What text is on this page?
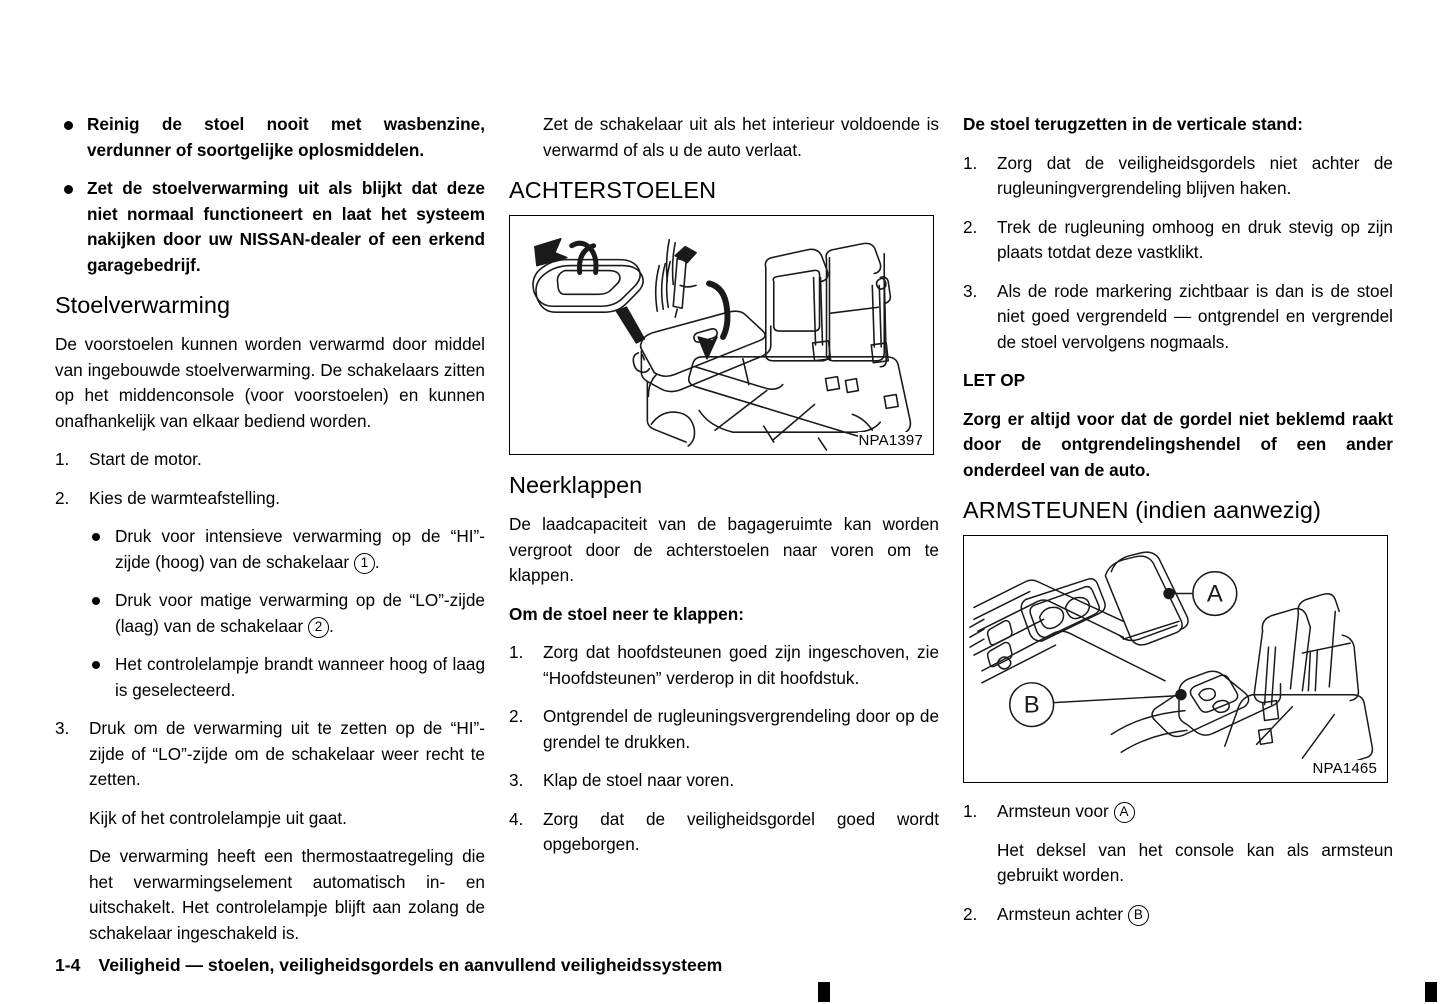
Reinig de stoel nooit met wasbenzine, verdunner of soortgelijke oplosmiddelen.
Zet de stoelverwarming uit als blijkt dat deze niet normaal functioneert en laat het systeem nakijken door uw NISSAN-dealer of een erkend garagebedrijf.
Stoelverwarming

De voorstoelen kunnen worden verwarmd door middel van ingebouwde stoelverwarming. De schakelaars zitten op het middenconsole (voor voorstoelen) en kunnen onafhankelijk van elkaar bediend worden.

1.	Start de motor.
2.	Kies de warmteafstelling.
Druk voor intensieve verwarming op de “HI”-zijde (hoog) van de schakelaar 1 .
Druk voor matige verwarming op de “LO”-zijde (laag) van de schakelaar 2 .
Het controlelampje brandt wanneer hoog of laag is geselecteerd.
3.	Druk om de verwarming uit te zetten op de “HI”-zijde of “LO”-zijde om de schakelaar weer recht te zetten.

Kijk of het controlelampje uit gaat.

De verwarming heeft een thermostaatregeling die het verwarmingselement automatisch in- en uitschakelt. Het controlelampje blijft aan zolang de schakelaar ingeschakeld is.

Zet de schakelaar uit als het interieur voldoende is verwarmd of als u de auto verlaat.

ACHTERSTOELEN
NPA1397
Neerklappen

De laadcapaciteit van de bagageruimte kan worden vergroot door de achterstoelen naar voren om te klappen.

Om de stoel neer te klappen:

1.	Zorg dat hoofdsteunen goed zijn ingeschoven, zie “Hoofdsteunen” verderop in dit hoofdstuk.
2.	Ontgrendel de rugleuningsvergrendeling door op de grendel te drukken.
3.	Klap de stoel naar voren.
4.	Zorg dat de veiligheidsgordel goed wordt opgeborgen.

De stoel terugzetten in de verticale stand:

1.	Zorg dat de veiligheidsgordels niet achter de rugleuningvergrendeling blijven haken.
2.	Trek de rugleuning omhoog en druk stevig op zijn plaats totdat deze vastklikt.
3.	Als de rode markering zichtbaar is dan is de stoel niet goed vergrendeld — ontgrendel en vergrendel de stoel vervolgens nogmaals.

LET OP

Zorg er altijd voor dat de gordel niet beklemd raakt door de ontgrendelingshendel of een ander onderdeel van de auto.

ARMSTEUNEN (indien aanwezig)
A
B
NPA1465
1.	Armsteun voor A

Het deksel van het console kan als armsteun gebruikt worden.

2.	Armsteun achter B
1-4 Veiligheid — stoelen, veiligheidsgordels en aanvullend veiligheidssysteem
